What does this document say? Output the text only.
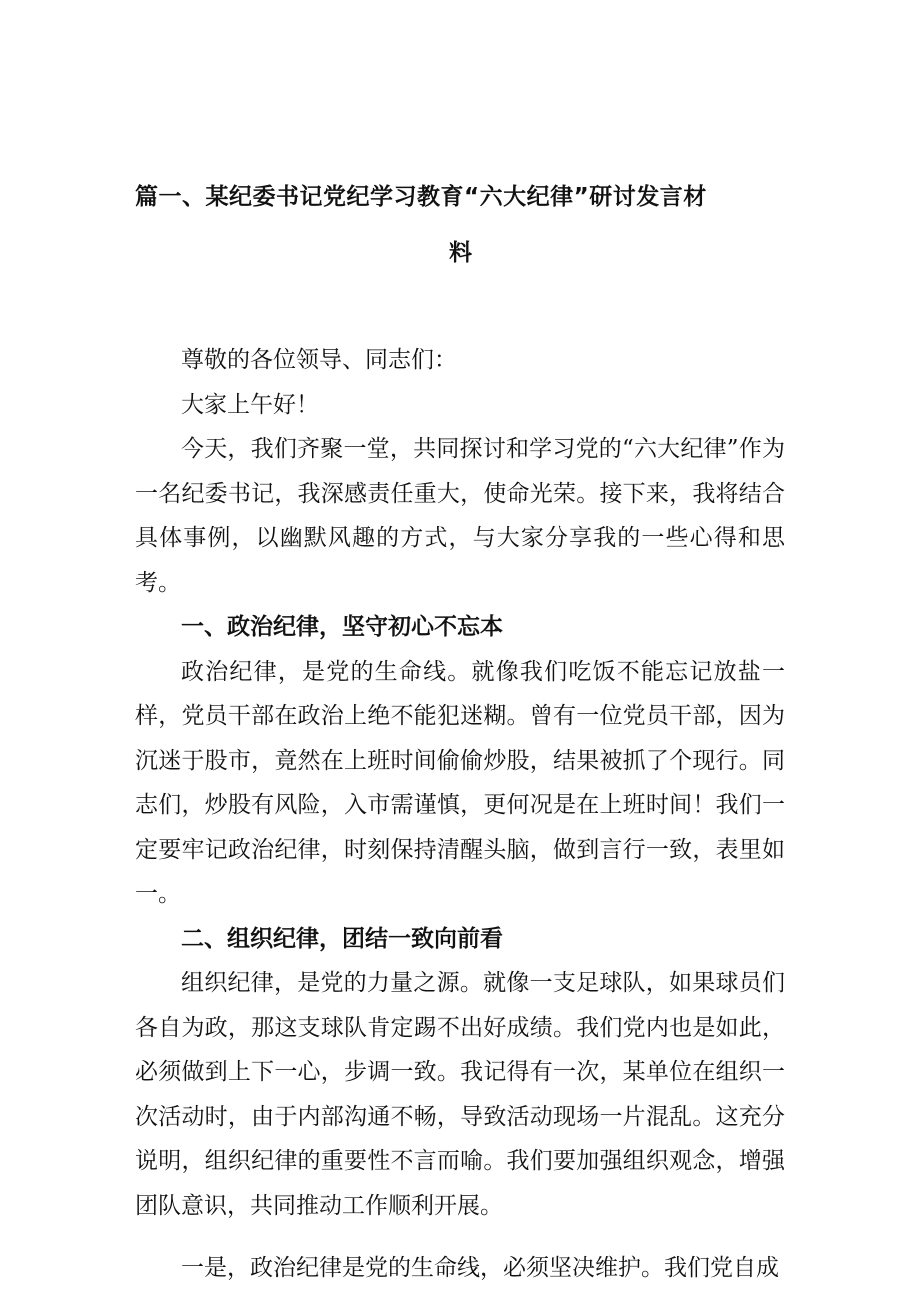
篇一、某纪委书记党纪学习教育“六大纪律”研讨发言材
料

尊敬的各位领导、同志们：

大家上午好！

今天，我们齐聚一堂，共同探讨和学习党的“六大纪律”作为一名纪委书记，我深感责任重大，使命光荣。接下来，我将结合具体事例，以幽默风趣的方式，与大家分享我的一些心得和思考。

一、政治纪律，坚守初心不忘本

政治纪律，是党的生命线。就像我们吃饭不能忘记放盐一样，党员干部在政治上绝不能犯迷糊。曾有一位党员干部，因为沉迷于股市，竟然在上班时间偷偷炒股，结果被抓了个现行。同志们，炒股有风险，入市需谨慎，更何况是在上班时间！我们一定要牢记政治纪律，时刻保持清醒头脑，做到言行一致，表里如一。

二、组织纪律，团结一致向前看

组织纪律，是党的力量之源。就像一支足球队，如果球员们各自为政，那这支球队肯定踢不出好成绩。我们党内也是如此，必须做到上下一心，步调一致。我记得有一次，某单位在组织一次活动时，由于内部沟通不畅，导致活动现场一片混乱。这充分说明，组织纪律的重要性不言而喻。我们要加强组织观念，增强团队意识，共同推动工作顺利开展。

一是，政治纪律是党的生命线，必须坚决维护。我们党自成
